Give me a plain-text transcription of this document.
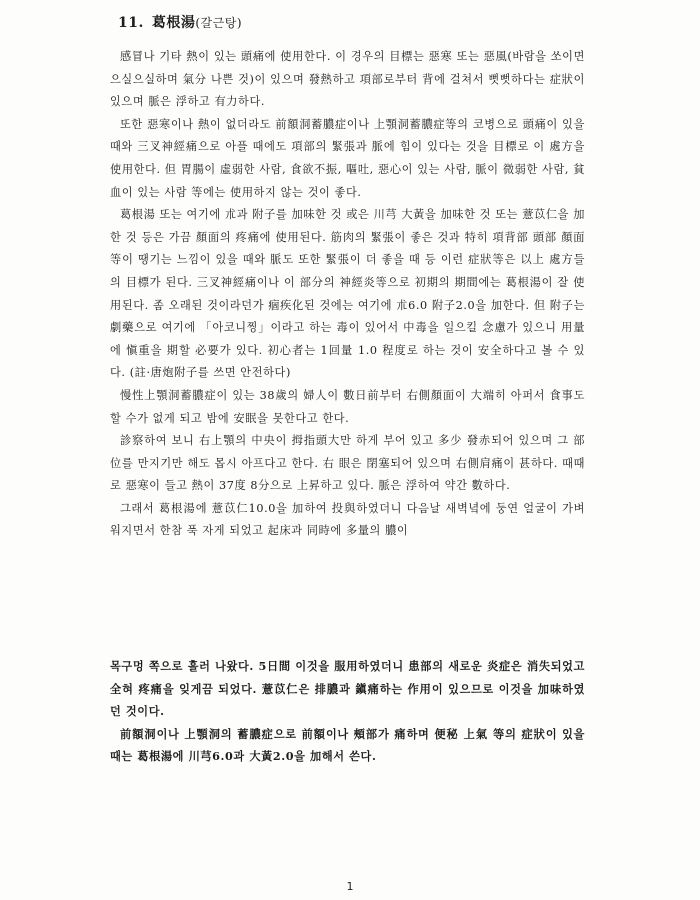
11. 葛根湯(갈근탕)

感冒나 기타 熱이 있는 頭痛에 使用한다. 이 경우의 目標는 惡寒 또는 惡風(바람을 쏘이면 으실으실하며 氣分 나쁜 것)이 있으며 發熱하고 項部로부터 背에 걸쳐서 뻣뻣하다는 症狀이 있으며 脈은 浮하고 有力하다.

또한 惡寒이나 熱이 없더라도 前額洞蓄膿症이나 上顎洞蓄膿症等의 코병으로 頭痛이 있을 때와 三叉神經痛으로 아플 때에도 項部의 緊張과 脈에 힘이 있다는 것을 目標로 이 處方을 使用한다. 但 胃腸이 虛弱한 사람, 食欲不振, 嘔吐, 惡心이 있는 사람, 脈이 微弱한 사람, 貧血이 있는 사람 等에는 使用하지 않는 것이 좋다.

葛根湯 또는 여기에 朮과 附子를 加味한 것 或은 川芎 大黃을 加味한 것 또는 薏苡仁을 加한 것 등은 가끔 顏面의 疼痛에 使用된다. 筋肉의 緊張이 좋은 것과 特히 項背部 頭部 顏面等이 땡기는 느낌이 있을 때와 脈도 또한 緊張이 더 좋을 때 등 이런 症狀等은 以上 處方들의 目標가 된다. 三叉神經痛이나 이 部分의 神經炎等으로 初期의 期間에는 葛根湯이 잘 使用된다. 좀 오래된 것이라던가 痼疾化된 것에는 여기에 朮6.0 附子2.0을 加한다. 但 附子는 劇藥으로 여기에 「아코니찡」이라고 하는 毒이 있어서 中毒을 일으킬 念慮가 있으니 用量에 愼重을 期할 必要가 있다. 初心者는 1回量 1.0 程度로 하는 것이 安全하다고 볼 수 있다. (註·唐炮附子를 쓰면 안전하다)

慢性上顎洞蓄膿症이 있는 38歲의 婦人이 數日前부터 右側顏面이 大端히 아퍼서 食事도 할 수가 없게 되고 밤에 安眠을 못한다고 한다.

診察하여 보니 右上顎의 中央이 拇指頭大만 하게 부어 있고 多少 發赤되어 있으며 그 部位를 만지기만 해도 몹시 아프다고 한다. 右 眼은 閉塞되어 있으며 右側肩痛이 甚하다. 때때로 惡寒이 들고 熱이 37度 8分으로 上昇하고 있다. 脈은 浮하여 약간 數하다.

그래서 葛根湯에 薏苡仁10.0을 加하여 投與하였더니 다음날 새벽녘에 둥연 얼굴이 가벼워지면서 한참 푹 자게 되었고 起床과 同時에 多量의 膿이

목구멍 쪽으로 흘러 나왔다. 5日間 이것을 服用하였더니 患部의 새로운 炎症은 消失되었고 全혀 疼痛을 잊게끔 되었다. 薏苡仁은 排膿과 鎭痛하는 作用이 있으므로 이것을 加味하였던 것이다.

前額洞이나 上顎洞의 蓄膿症으로 前額이나 頰部가 痛하며 便秘 上氣 等의 症狀이 있을 때는 葛根湯에 川芎6.0과 大黃2.0을 加해서 쓴다.

1
